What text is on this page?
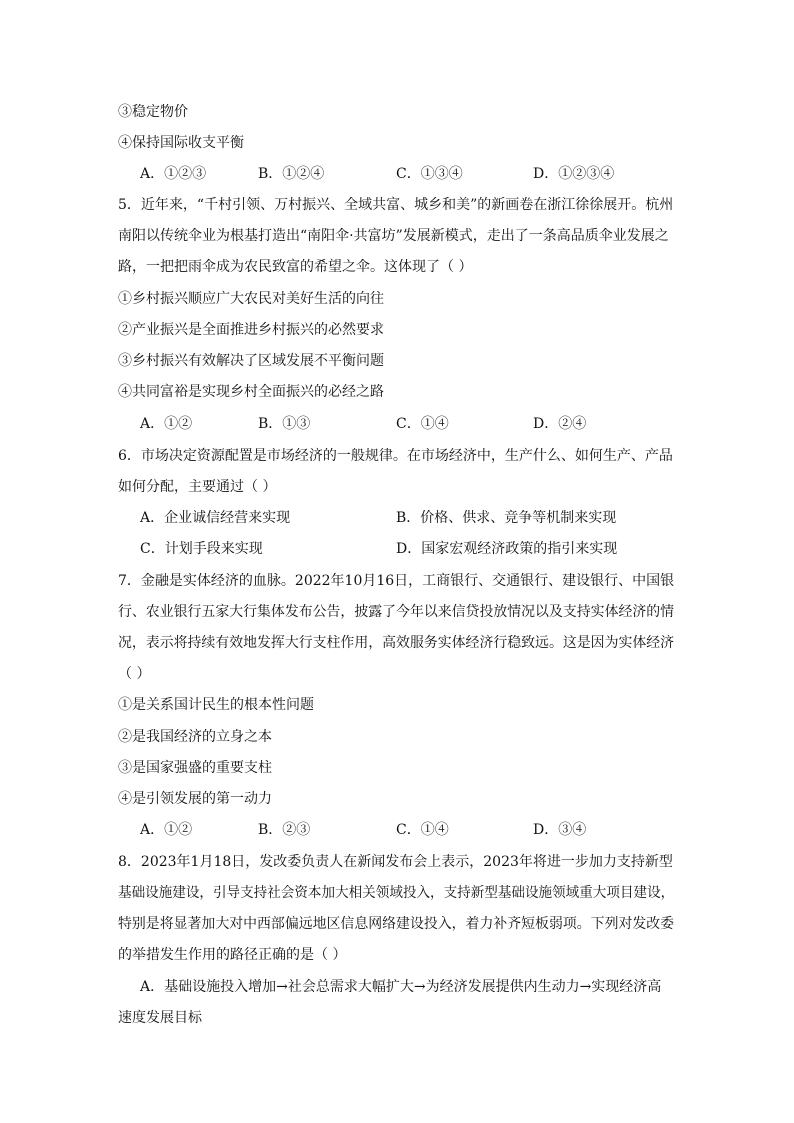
③稳定物价
④保持国际收支平衡
A．①②③	B．①②④	C．①③④	D．①②③④
5．近年来，“千村引领、万村振兴、全域共富、城乡和美”的新画卷在浙江徐徐展开。杭州
南阳以传统伞业为根基打造出“南阳伞·共富坊”发展新模式，走出了一条高品质伞业发展之
路，一把把雨伞成为农民致富的希望之伞。这体现了（ ）
①乡村振兴顺应广大农民对美好生活的向往
②产业振兴是全面推进乡村振兴的必然要求
③乡村振兴有效解决了区域发展不平衡问题
④共同富裕是实现乡村全面振兴的必经之路
A．①②	B．①③	C．①④	D．②④
6．市场决定资源配置是市场经济的一般规律。在市场经济中，生产什么、如何生产、产品
如何分配，主要通过（ ）
A．企业诚信经营来实现	B．价格、供求、竞争等机制来实现
C．计划手段来实现	D．国家宏观经济政策的指引来实现
7．金融是实体经济的血脉。2022年10月16日，工商银行、交通银行、建设银行、中国银
行、农业银行五家大行集体发布公告，披露了今年以来信贷投放情况以及支持实体经济的情
况，表示将持续有效地发挥大行支柱作用，高效服务实体经济行稳致远。这是因为实体经济
（ ）
①是关系国计民生的根本性问题
②是我国经济的立身之本
③是国家强盛的重要支柱
④是引领发展的第一动力
A．①②	B．②③	C．①④	D．③④
8．2023年1月18日，发改委负责人在新闻发布会上表示，2023年将进一步加力支持新型
基础设施建设，引导支持社会资本加大相关领域投入，支持新型基础设施领域重大项目建设，
特别是将显著加大对中西部偏远地区信息网络建设投入，着力补齐短板弱项。下列对发改委
的举措发生作用的路径正确的是（ ）
A．基础设施投入增加→社会总需求大幅扩大→为经济发展提供内生动力→实现经济高
速度发展目标
